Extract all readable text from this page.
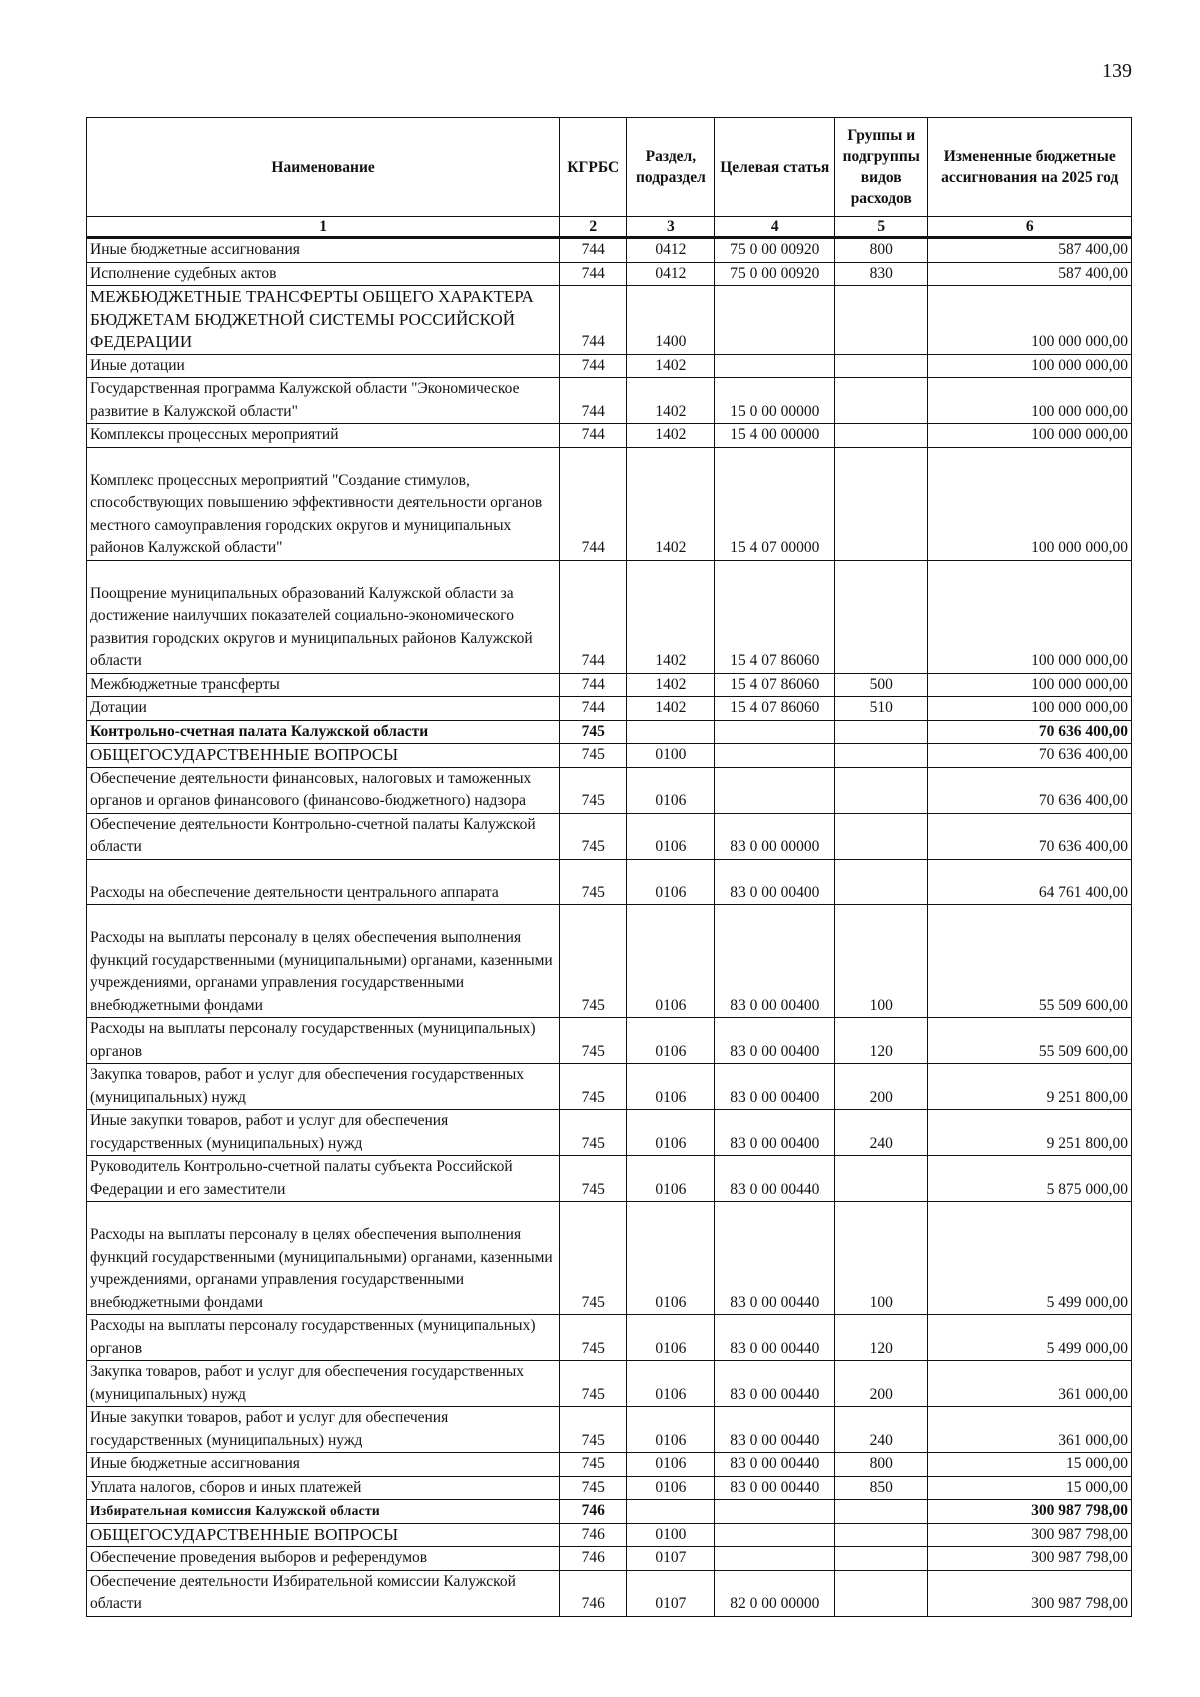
139
Наименование	КГРБС	Раздел, подраздел	Целевая статья	Группы и подгруппы видов расходов	Измененные бюджетные ассигнования на 2025 год
1	2	3	4	5	6
Иные бюджетные ассигнования	744	0412	75 0 00 00920	800	587 400,00
Исполнение судебных актов	744	0412	75 0 00 00920	830	587 400,00
МЕЖБЮДЖЕТНЫЕ ТРАНСФЕРТЫ ОБЩЕГО ХАРАКТЕРА БЮДЖЕТАМ БЮДЖЕТНОЙ СИСТЕМЫ РОССИЙСКОЙ ФЕДЕРАЦИИ	744	1400			100 000 000,00
Иные дотации	744	1402			100 000 000,00
Государственная программа Калужской области "Экономическое развитие в Калужской области"	744	1402	15 0 00 00000		100 000 000,00
Комплексы процессных мероприятий	744	1402	15 4 00 00000		100 000 000,00
Комплекс процессных мероприятий "Создание стимулов, способствующих повышению эффективности деятельности органов местного самоуправления городских округов и муниципальных районов Калужской области"	744	1402	15 4 07 00000		100 000 000,00
Поощрение муниципальных образований Калужской области за достижение наилучших показателей социально-экономического развития городских округов и муниципальных районов Калужской области	744	1402	15 4 07 86060		100 000 000,00
Межбюджетные трансферты	744	1402	15 4 07 86060	500	100 000 000,00
Дотации	744	1402	15 4 07 86060	510	100 000 000,00
Контрольно-счетная палата Калужской области	745				70 636 400,00
ОБЩЕГОСУДАРСТВЕННЫЕ ВОПРОСЫ	745	0100			70 636 400,00
Обеспечение деятельности финансовых, налоговых и таможенных органов и органов финансового (финансово-бюджетного) надзора	745	0106			70 636 400,00
Обеспечение деятельности Контрольно-счетной палаты Калужской области	745	0106	83 0 00 00000		70 636 400,00
Расходы на обеспечение деятельности центрального аппарата	745	0106	83 0 00 00400		64 761 400,00
Расходы на выплаты персоналу в целях обеспечения выполнения функций государственными (муниципальными) органами, казенными учреждениями, органами управления государственными внебюджетными фондами	745	0106	83 0 00 00400	100	55 509 600,00
Расходы на выплаты персоналу государственных (муниципальных) органов	745	0106	83 0 00 00400	120	55 509 600,00
Закупка товаров, работ и услуг для обеспечения государственных (муниципальных) нужд	745	0106	83 0 00 00400	200	9 251 800,00
Иные закупки товаров, работ и услуг для обеспечения государственных (муниципальных) нужд	745	0106	83 0 00 00400	240	9 251 800,00
Руководитель Контрольно-счетной палаты субъекта Российской Федерации и его заместители	745	0106	83 0 00 00440		5 875 000,00
Расходы на выплаты персоналу в целях обеспечения выполнения функций государственными (муниципальными) органами, казенными учреждениями, органами управления государственными внебюджетными фондами	745	0106	83 0 00 00440	100	5 499 000,00
Расходы на выплаты персоналу государственных (муниципальных) органов	745	0106	83 0 00 00440	120	5 499 000,00
Закупка товаров, работ и услуг для обеспечения государственных (муниципальных) нужд	745	0106	83 0 00 00440	200	361 000,00
Иные закупки товаров, работ и услуг для обеспечения государственных (муниципальных) нужд	745	0106	83 0 00 00440	240	361 000,00
Иные бюджетные ассигнования	745	0106	83 0 00 00440	800	15 000,00
Уплата налогов, сборов и иных платежей	745	0106	83 0 00 00440	850	15 000,00
Избирательная комиссия Калужской области	746				300 987 798,00
ОБЩЕГОСУДАРСТВЕННЫЕ ВОПРОСЫ	746	0100			300 987 798,00
Обеспечение проведения выборов и референдумов	746	0107			300 987 798,00
Обеспечение деятельности Избирательной комиссии Калужской области	746	0107	82 0 00 00000		300 987 798,00
